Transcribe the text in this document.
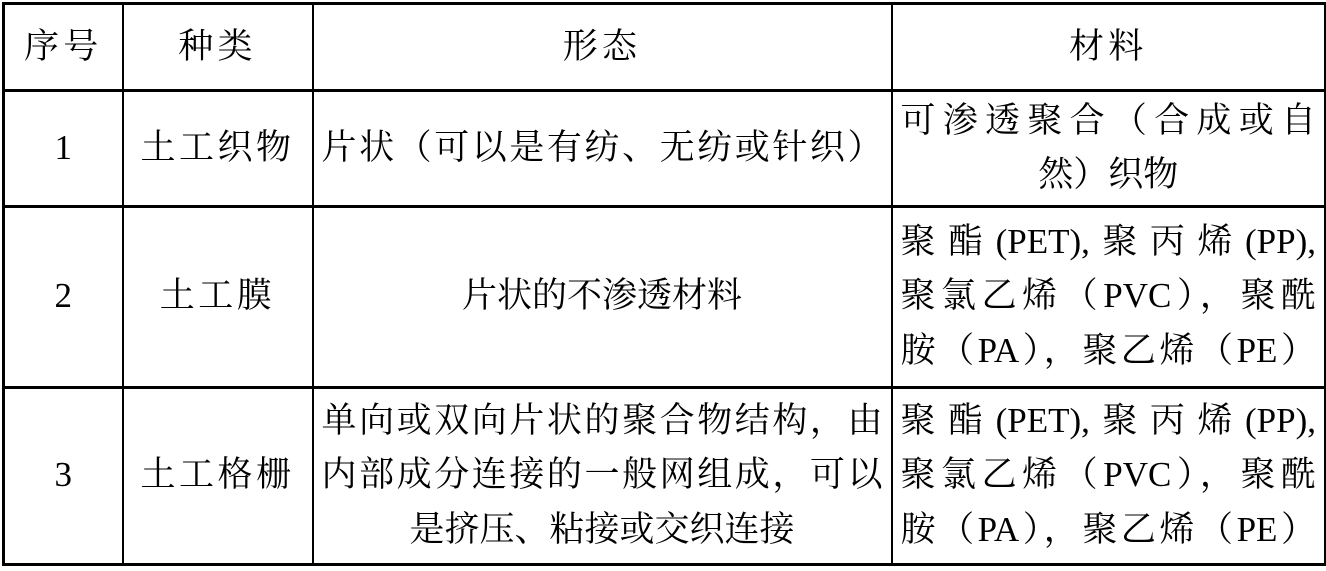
序号	种类	形态	材料
1	土工织物	片状（可以是有纺、无纺或针织）	可渗透聚合（合成或自
然）织物

2	土工膜	片状的不渗透材料	聚酯(PET),聚丙烯(PP),
聚氯乙烯（PVC），聚酰
胺（PA），聚乙烯（PE）

3	土工格栅	单向或双向片状的聚合物结构，由
内部成分连接的一般网组成，可以
是挤压、粘接或交织连接	聚酯(PET),聚丙烯(PP),
聚氯乙烯（PVC），聚酰
胺（PA），聚乙烯（PE）
